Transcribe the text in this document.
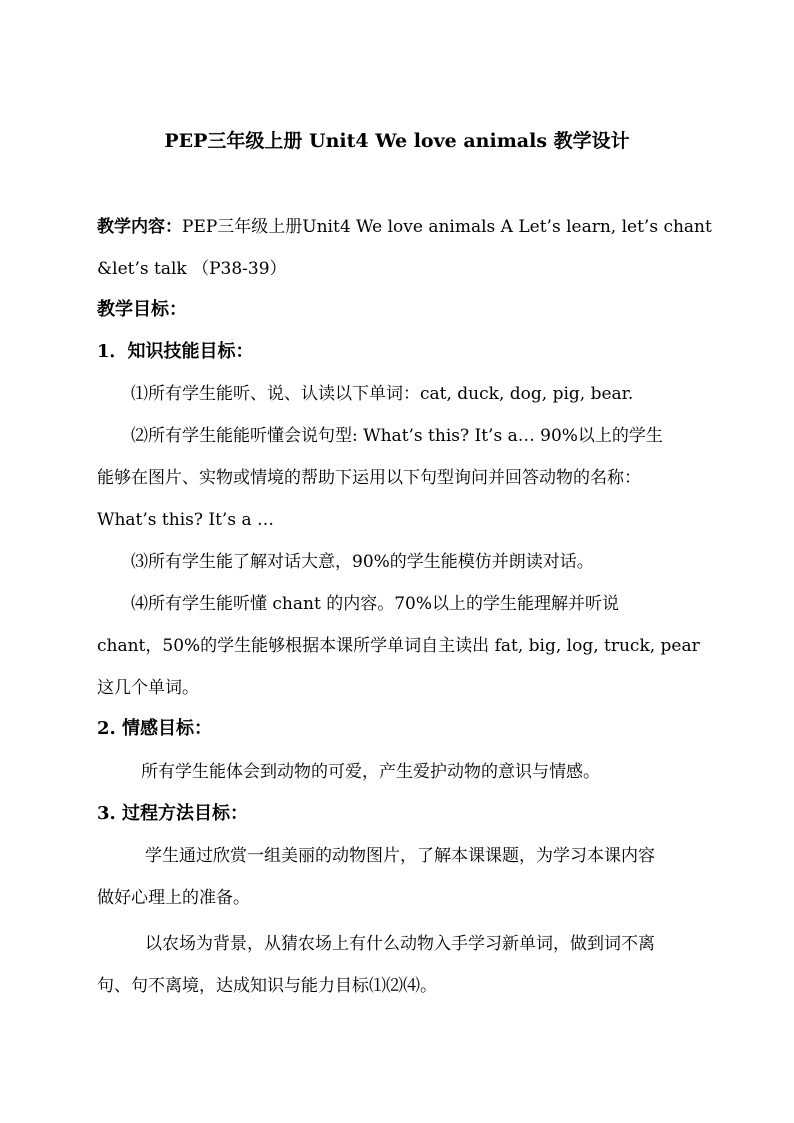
PEP三年级上册 Unit4 We love animals 教学设计
教学内容：PEP三年级上册Unit4 We love animals A Let’s learn, let’s chant
&let’s talk （P38-39）
教学目标：
1．知识技能目标：
⑴所有学生能听、说、认读以下单词：cat, duck, dog, pig, bear.
⑵所有学生能能听懂会说句型: What’s this? It’s a… 90%以上的学生
能够在图片、实物或情境的帮助下运用以下句型询问并回答动物的名称：
What’s this? It’s a …
⑶所有学生能了解对话大意，90%的学生能模仿并朗读对话。
⑷所有学生能听懂 chant 的内容。70%以上的学生能理解并听说
chant，50%的学生能够根据本课所学单词自主读出 fat, big, log, truck, pear
这几个单词。
2. 情感目标：
所有学生能体会到动物的可爱，产生爱护动物的意识与情感。
3. 过程方法目标：
学生通过欣赏一组美丽的动物图片，了解本课课题，为学习本课内容
做好心理上的准备。
以农场为背景，从猜农场上有什么动物入手学习新单词，做到词不离
句、句不离境，达成知识与能力目标⑴⑵⑷。
